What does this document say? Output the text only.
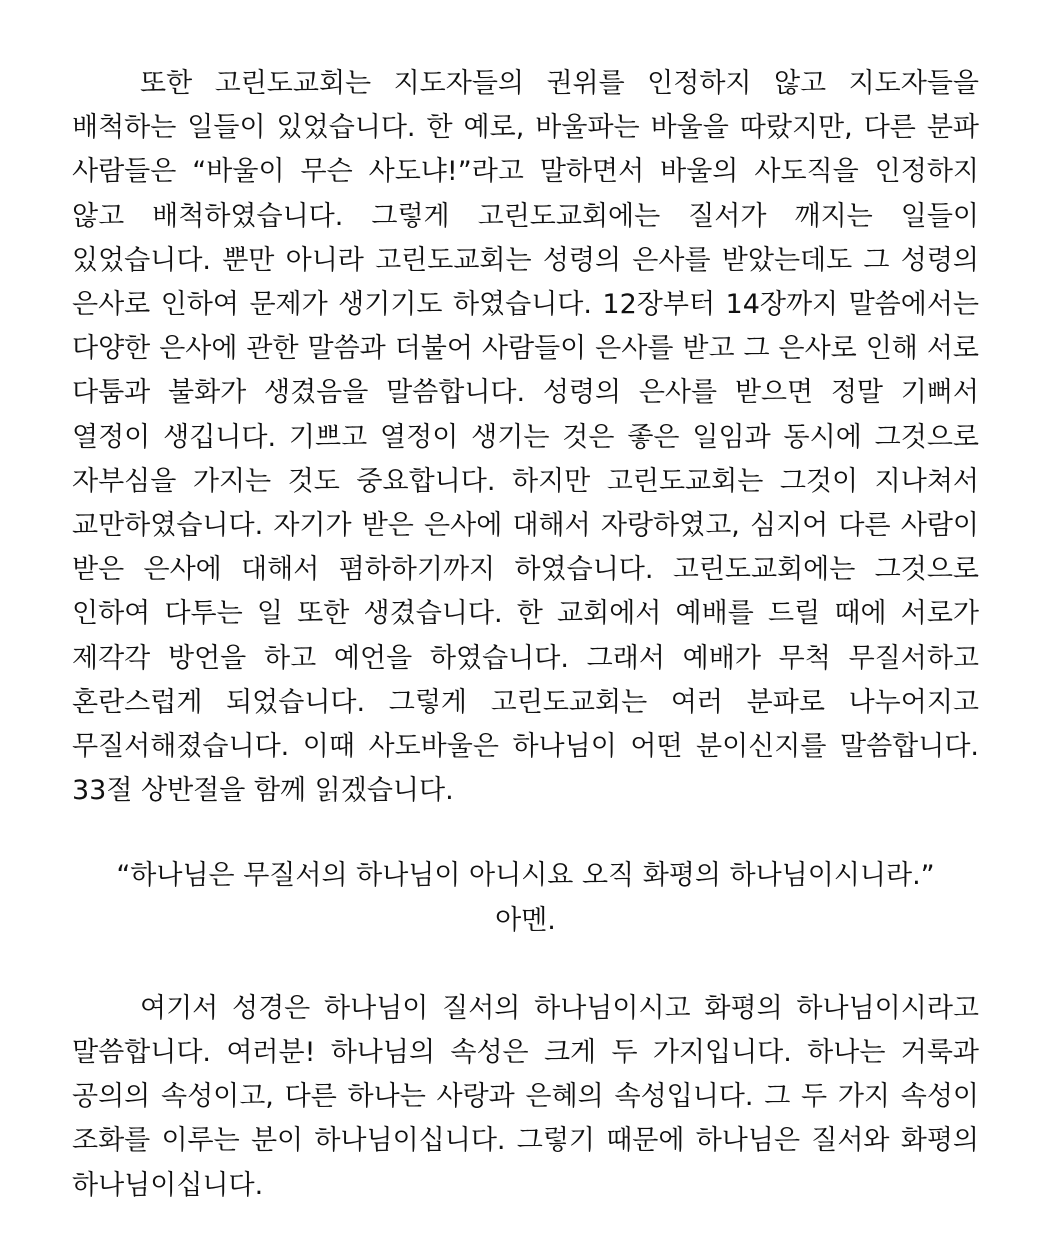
또한 고린도교회는 지도자들의 권위를 인정하지 않고 지도자들을 배척하는 일들이 있었습니다. 한 예로, 바울파는 바울을 따랐지만, 다른 분파 사람들은 “바울이 무슨 사도냐!”라고 말하면서 바울의 사도직을 인정하지 않고 배척하였습니다. 그렇게 고린도교회에는 질서가 깨지는 일들이 있었습니다. 뿐만 아니라 고린도교회는 성령의 은사를 받았는데도 그 성령의 은사로 인하여 문제가 생기기도 하였습니다. 12장부터 14장까지 말씀에서는 다양한 은사에 관한 말씀과 더불어 사람들이 은사를 받고 그 은사로 인해 서로 다툼과 불화가 생겼음을 말씀합니다. 성령의 은사를 받으면 정말 기뻐서 열정이 생깁니다. 기쁘고 열정이 생기는 것은 좋은 일임과 동시에 그것으로 자부심을 가지는 것도 중요합니다. 하지만 고린도교회는 그것이 지나쳐서 교만하였습니다. 자기가 받은 은사에 대해서 자랑하였고, 심지어 다른 사람이 받은 은사에 대해서 폄하하기까지 하였습니다. 고린도교회에는 그것으로 인하여 다투는 일 또한 생겼습니다. 한 교회에서 예배를 드릴 때에 서로가 제각각 방언을 하고 예언을 하였습니다. 그래서 예배가 무척 무질서하고 혼란스럽게 되었습니다. 그렇게 고린도교회는 여러 분파로 나누어지고 무질서해졌습니다. 이때 사도바울은 하나님이 어떤 분이신지를 말씀합니다. 33절 상반절을 함께 읽겠습니다.

“하나님은 무질서의 하나님이 아니시요 오직 화평의 하나님이시니라.”
아멘.

여기서 성경은 하나님이 질서의 하나님이시고 화평의 하나님이시라고 말씀합니다. 여러분! 하나님의 속성은 크게 두 가지입니다. 하나는 거룩과 공의의 속성이고, 다른 하나는 사랑과 은혜의 속성입니다. 그 두 가지 속성이 조화를 이루는 분이 하나님이십니다. 그렇기 때문에 하나님은 질서와 화평의 하나님이십니다.
